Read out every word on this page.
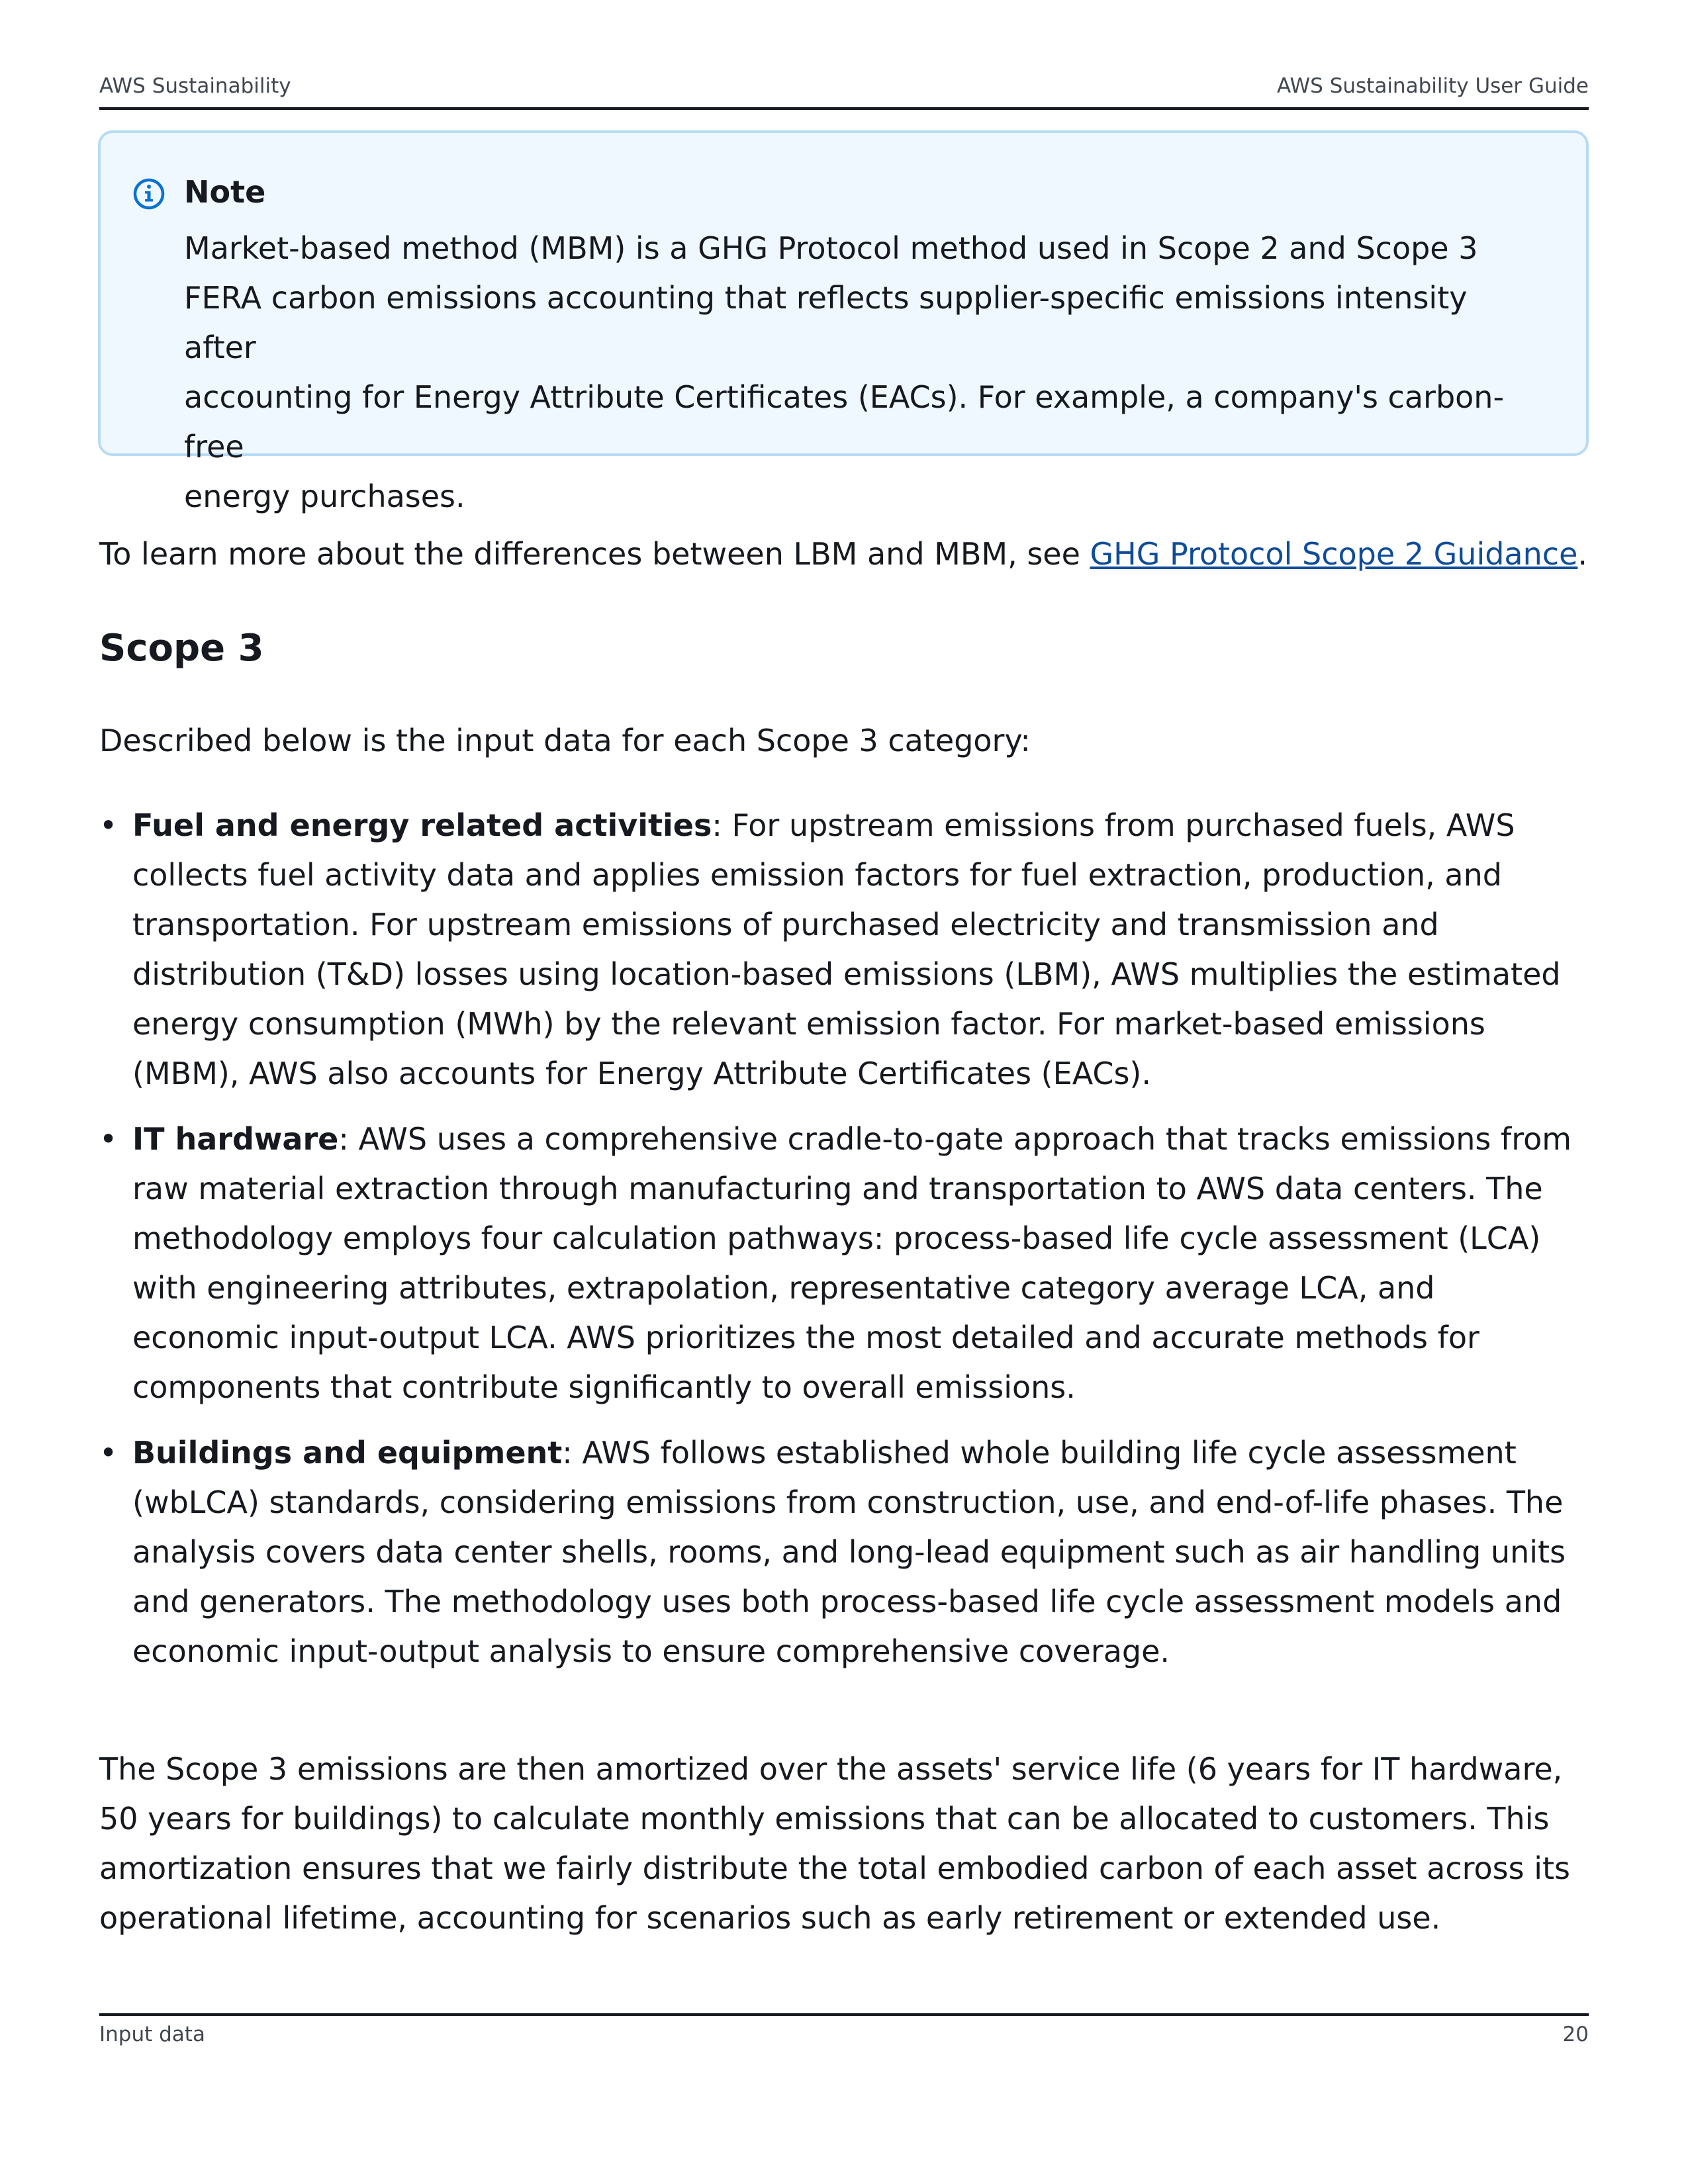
AWS Sustainability	AWS Sustainability User Guide
Note
Market-based method (MBM) is a GHG Protocol method used in Scope 2 and Scope 3
FERA carbon emissions accounting that reflects supplier-specific emissions intensity after
accounting for Energy Attribute Certificates (EACs). For example, a company's carbon-free
energy purchases.
To learn more about the differences between LBM and MBM, see GHG Protocol Scope 2 Guidance.
Scope 3
Described below is the input data for each Scope 3 category:
• Fuel and energy related activities: For upstream emissions from purchased fuels, AWS collects fuel activity data and applies emission factors for fuel extraction, production, and transportation. For upstream emissions of purchased electricity and transmission and distribution (T&D) losses using location-based emissions (LBM), AWS multiplies the estimated energy consumption (MWh) by the relevant emission factor. For market-based emissions (MBM), AWS also accounts for Energy Attribute Certificates (EACs).
• IT hardware: AWS uses a comprehensive cradle-to-gate approach that tracks emissions from raw material extraction through manufacturing and transportation to AWS data centers. The methodology employs four calculation pathways: process-based life cycle assessment (LCA) with engineering attributes, extrapolation, representative category average LCA, and economic input-output LCA. AWS prioritizes the most detailed and accurate methods for components that contribute significantly to overall emissions.
• Buildings and equipment: AWS follows established whole building life cycle assessment (wbLCA) standards, considering emissions from construction, use, and end-of-life phases. The analysis covers data center shells, rooms, and long-lead equipment such as air handling units and generators. The methodology uses both process-based life cycle assessment models and economic input-output analysis to ensure comprehensive coverage.
The Scope 3 emissions are then amortized over the assets' service life (6 years for IT hardware, 50 years for buildings) to calculate monthly emissions that can be allocated to customers. This amortization ensures that we fairly distribute the total embodied carbon of each asset across its operational lifetime, accounting for scenarios such as early retirement or extended use.
Input data	20
